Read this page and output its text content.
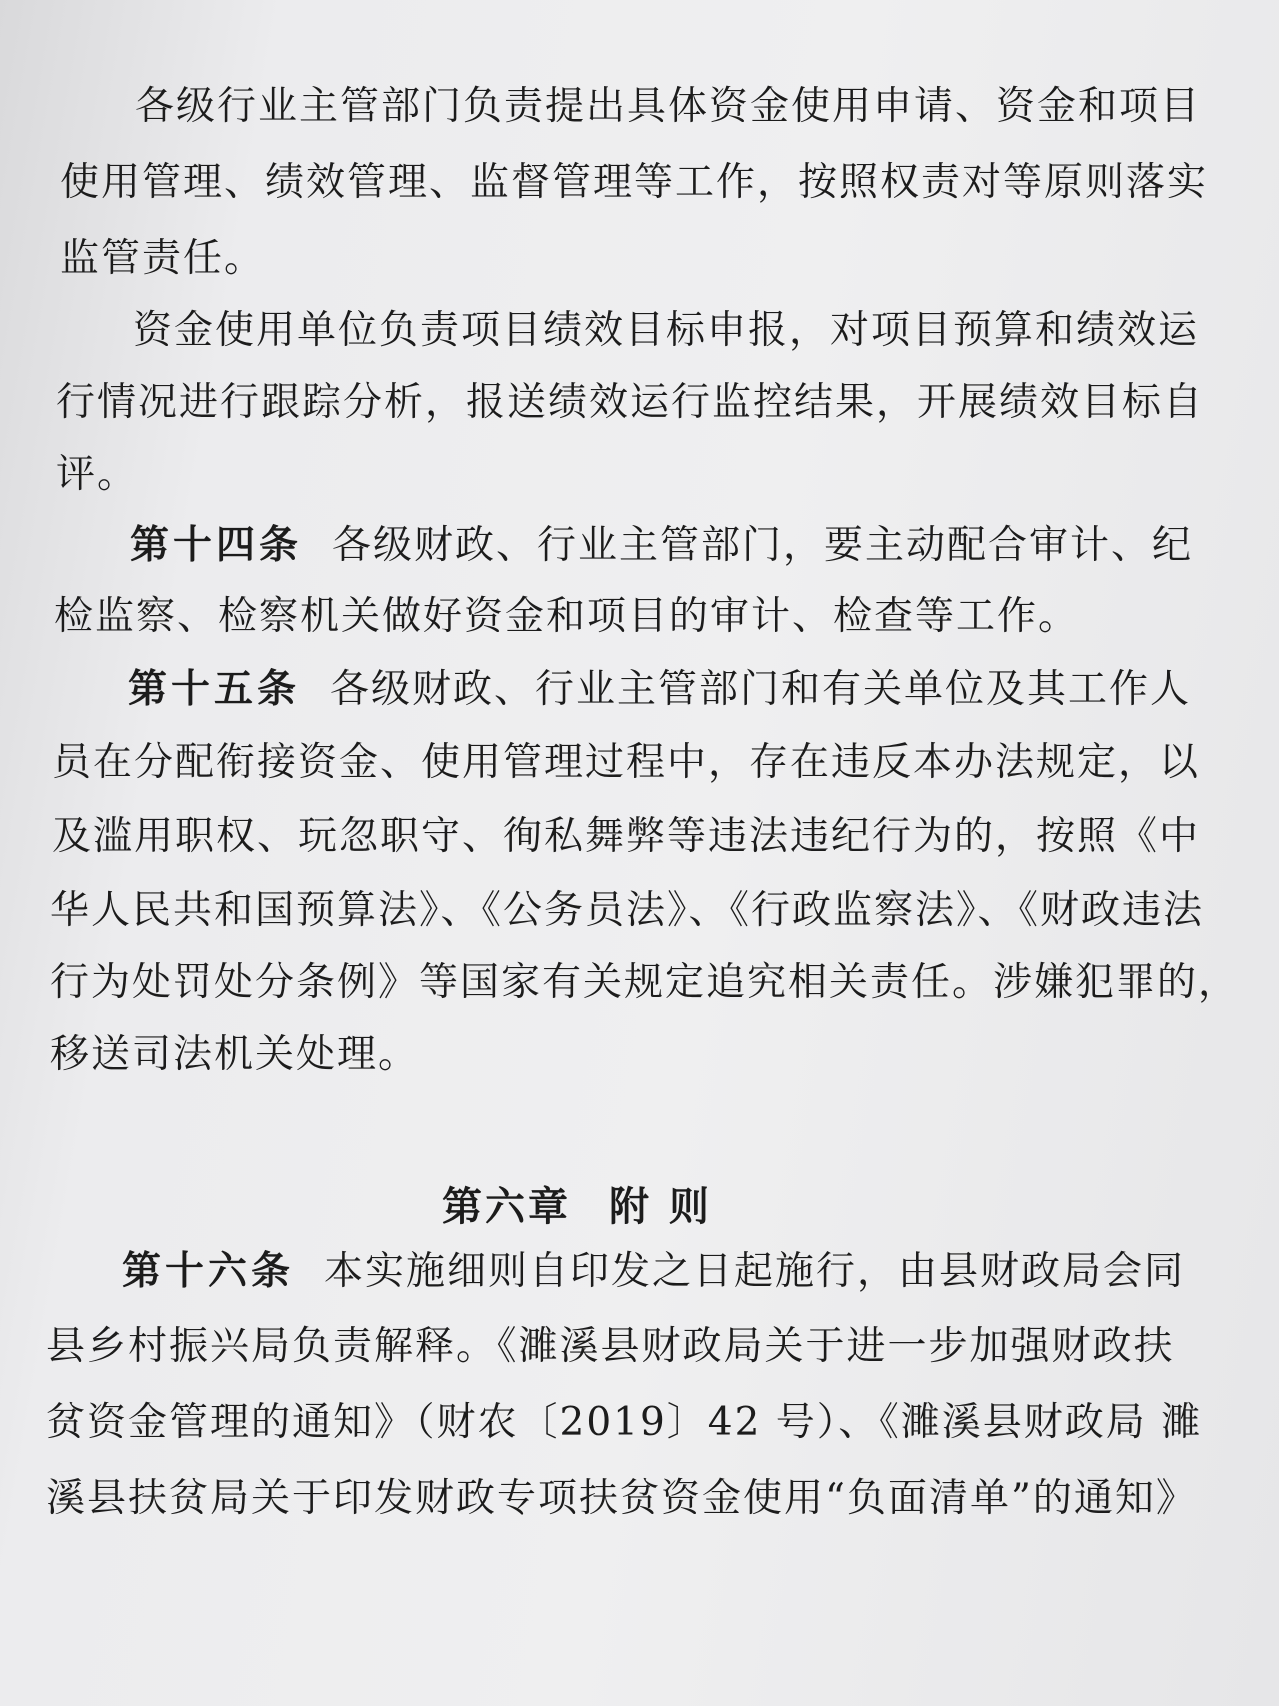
各级行业主管部门负责提出具体资金使用申请、资金和项目
使用管理、绩效管理、监督管理等工作，按照权责对等原则落实
监管责任。
资金使用单位负责项目绩效目标申报，对项目预算和绩效运
行情况进行跟踪分析，报送绩效运行监控结果，开展绩效目标自
评。
第十四条 各级财政、行业主管部门，要主动配合审计、纪
检监察、检察机关做好资金和项目的审计、检查等工作。
第十五条 各级财政、行业主管部门和有关单位及其工作人
员在分配衔接资金、使用管理过程中，存在违反本办法规定，以
及滥用职权、玩忽职守、徇私舞弊等违法违纪行为的，按照《中
华人民共和国预算法》、《公务员法》、《行政监察法》、《财政违法
行为处罚处分条例》等国家有关规定追究相关责任。涉嫌犯罪的，
移送司法机关处理。
第六章 附 则
第十六条 本实施细则自印发之日起施行，由县财政局会同
县乡村振兴局负责解释。《濉溪县财政局关于进一步加强财政扶
贫资金管理的通知》（财农〔2019〕42 号）、《濉溪县财政局 濉
溪县扶贫局关于印发财政专项扶贫资金使用“负面清单”的通知》
